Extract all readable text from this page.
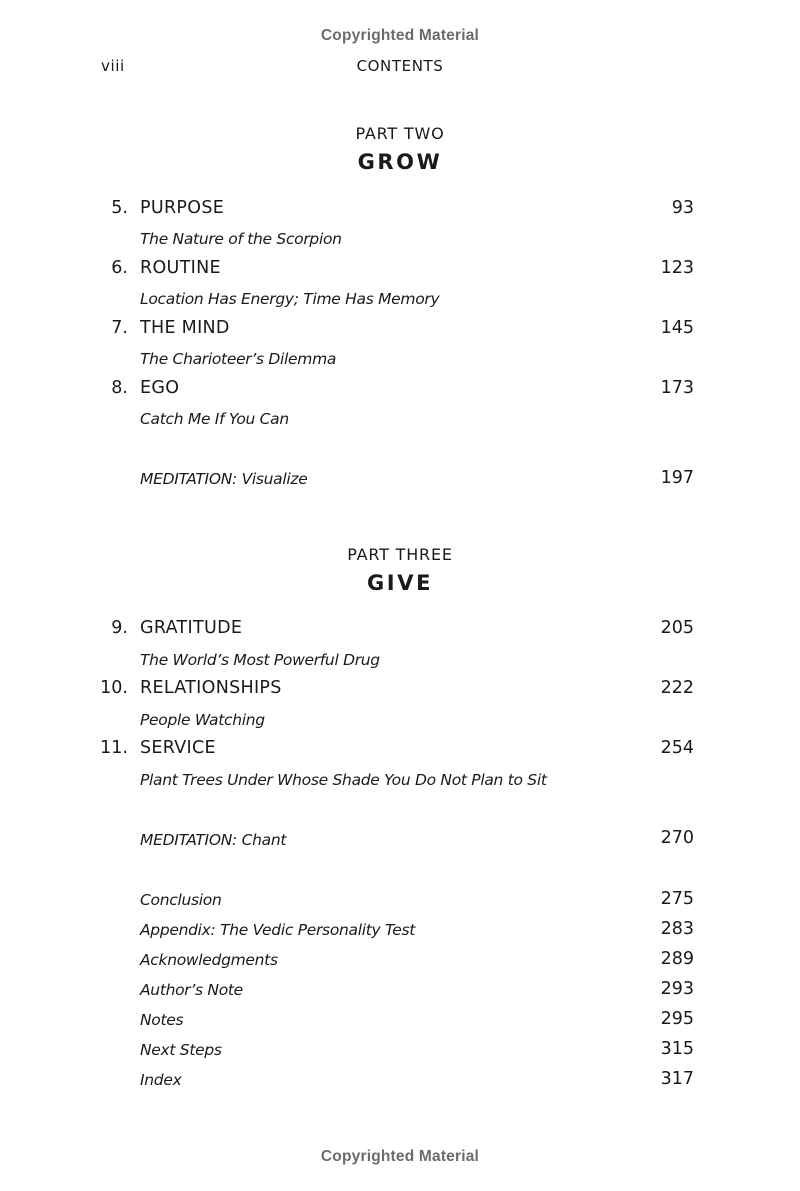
Copyrighted Material
viii	CONTENTS
PART TWO
GROW
5. PURPOSE	93
The Nature of the Scorpion
6. ROUTINE	123
Location Has Energy; Time Has Memory
7. THE MIND	145
The Charioteer’s Dilemma
8. EGO	173
Catch Me If You Can
MEDITATION: Visualize	197
PART THREE
GIVE
9. GRATITUDE	205
The World’s Most Powerful Drug
10. RELATIONSHIPS	222
People Watching
11. SERVICE	254
Plant Trees Under Whose Shade You Do Not Plan to Sit
MEDITATION: Chant	270
Conclusion	275
Appendix: The Vedic Personality Test	283
Acknowledgments	289
Author’s Note	293
Notes	295
Next Steps	315
Index	317
Copyrighted Material
